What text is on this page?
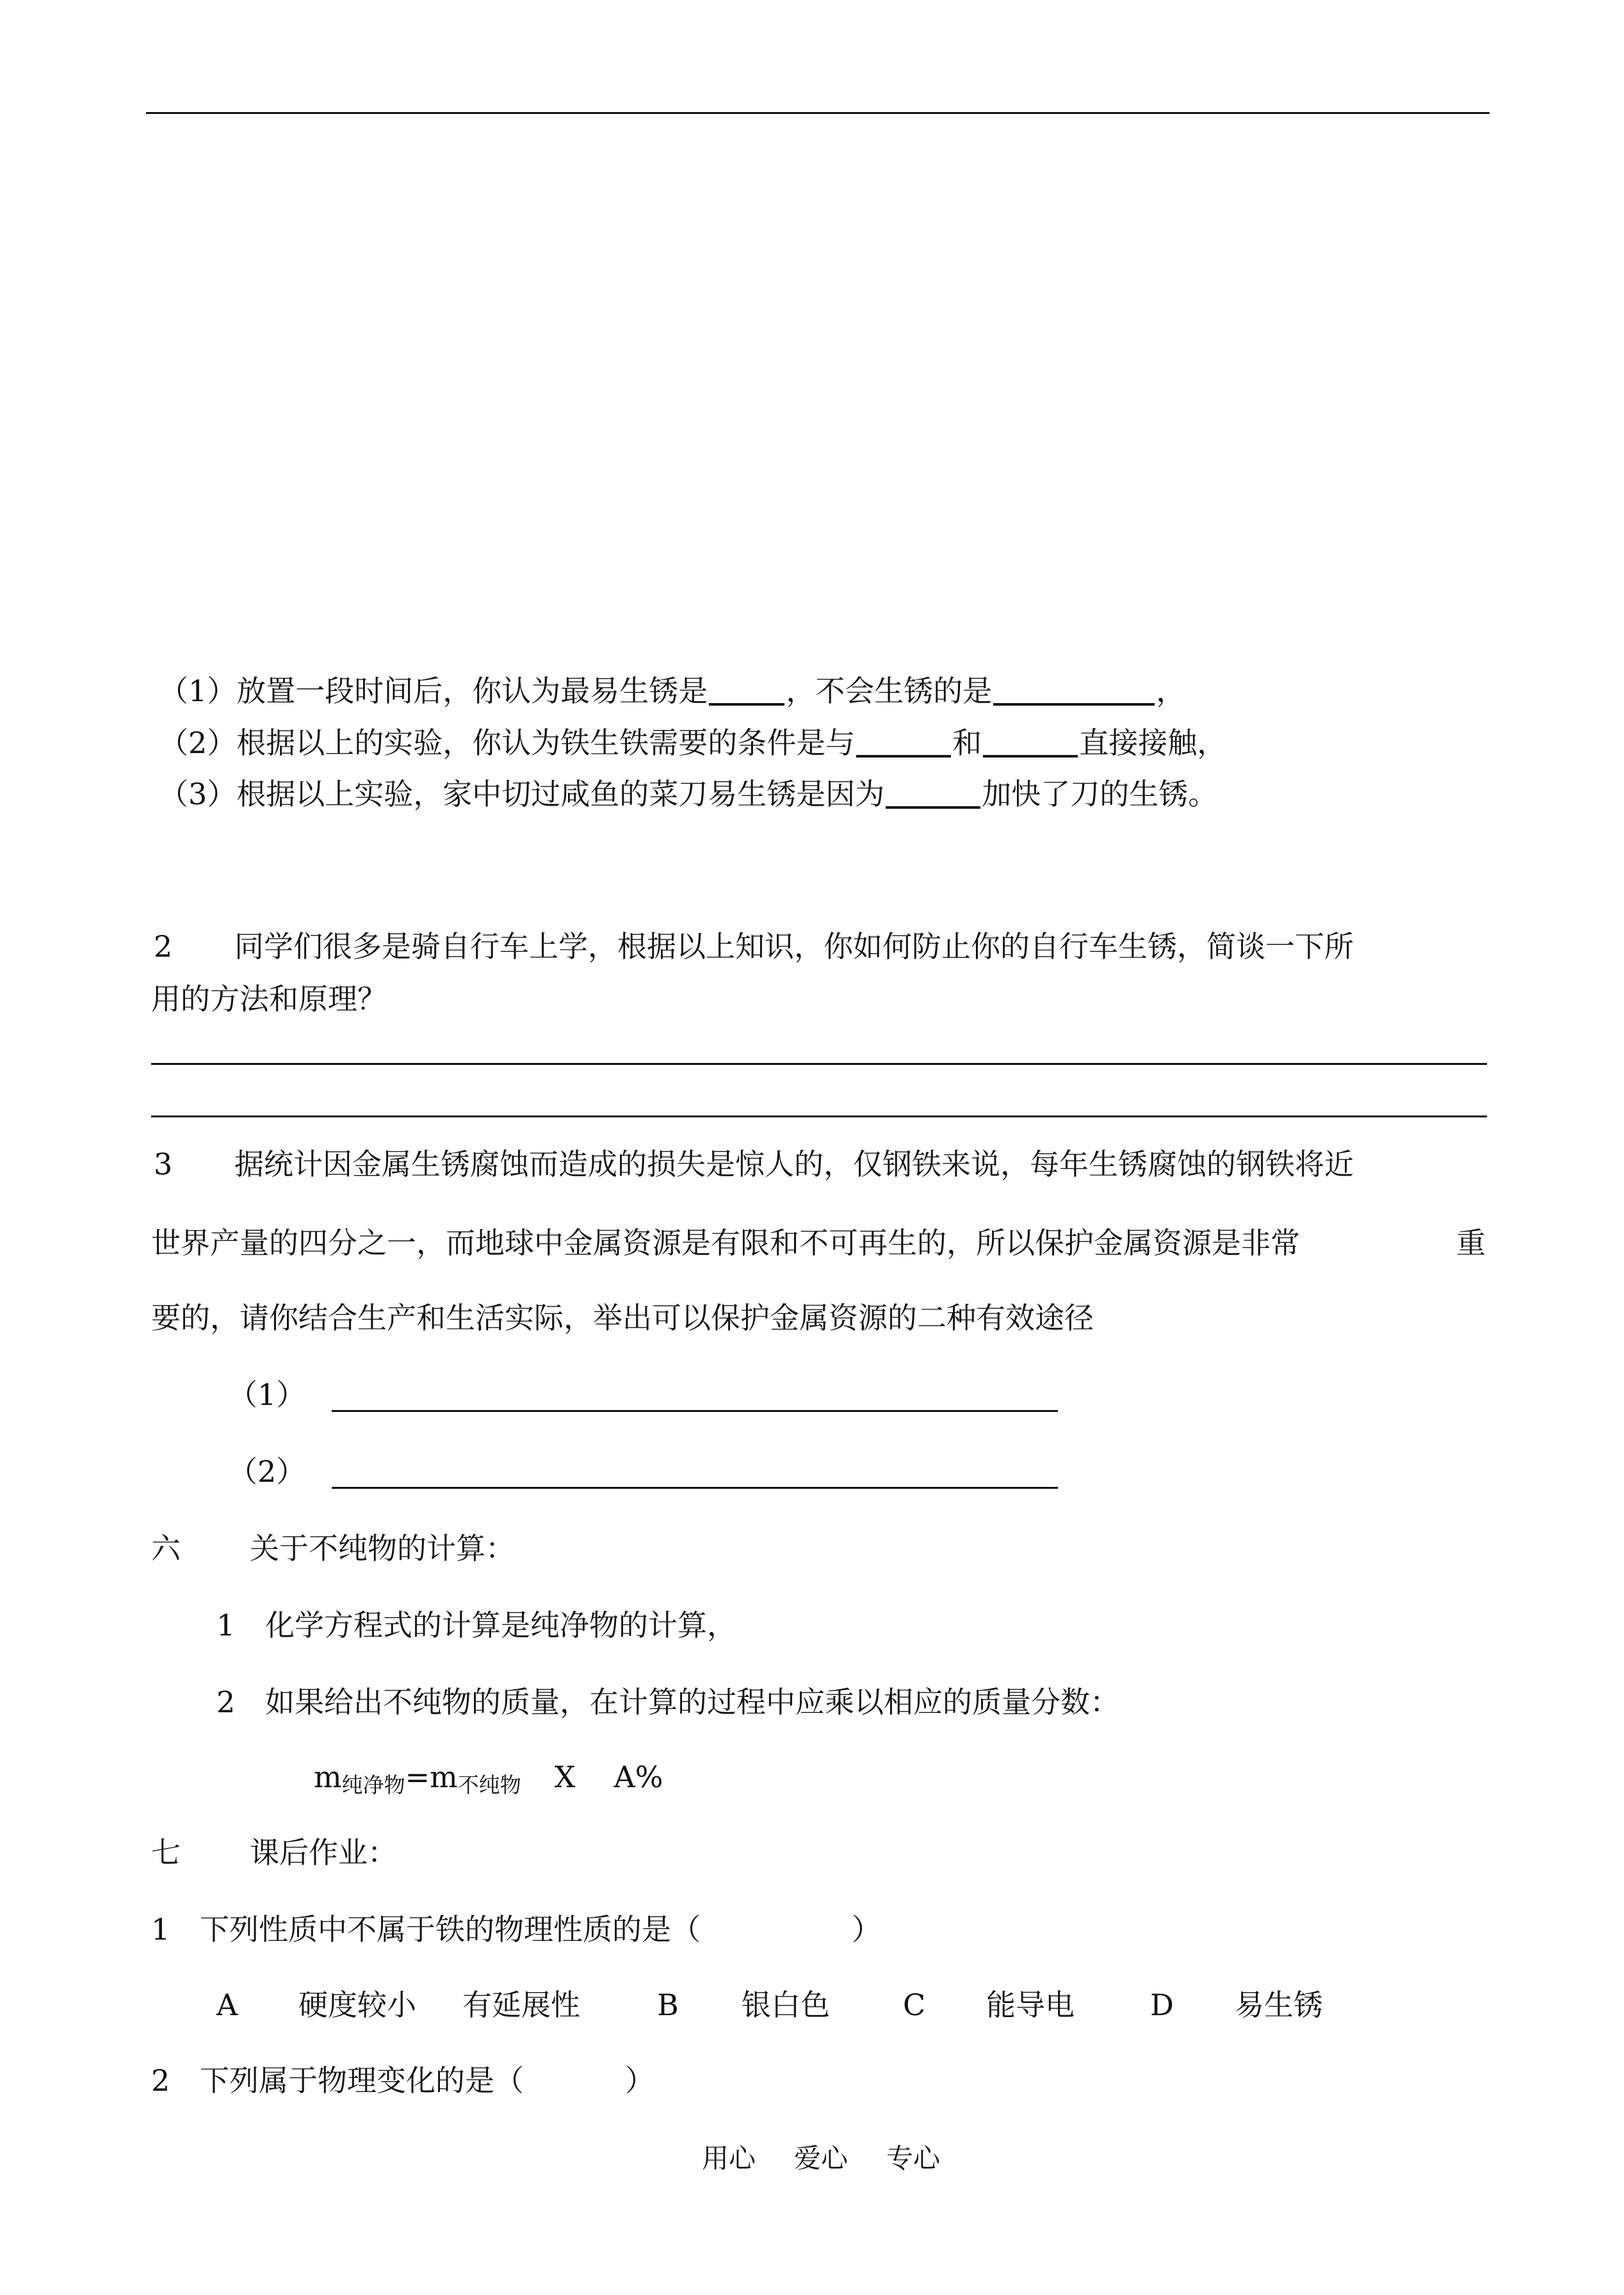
（1）放置一段时间后，你认为最易生锈是	，不会生锈的是	，
（2）根据以上的实验，你认为铁生铁需要的条件是与	和	直接接触，
（3）根据以上实验，家中切过咸鱼的菜刀易生锈是因为	加快了刀的生锈。
2 同学们很多是骑自行车上学，根据以上知识，你如何防止你的自行车生锈，简谈一下所
用的方法和原理？
3 据统计因金属生锈腐蚀而造成的损失是惊人的，仅钢铁来说，每年生锈腐蚀的钢铁将近
世界产量的四分之一，而地球中金属资源是有限和不可再生的，所以保护金属资源是非常	重
要的，请你结合生产和生活实际，举出可以保护金属资源的二种有效途径
（1）
（2）
六 关于不纯物的计算：
1 化学方程式的计算是纯净物的计算，
2 如果给出不纯物的质量，在计算的过程中应乘以相应的质量分数：
m纯净物=m不纯物 X A%
七 课后作业：
1 下列性质中不属于铁的物理性质的是（	）
A 硬度较小 有延展性	B 银白色 C 能导电	D 易生锈
2 下列属于物理变化的是（	）
用心 爱心 专心
